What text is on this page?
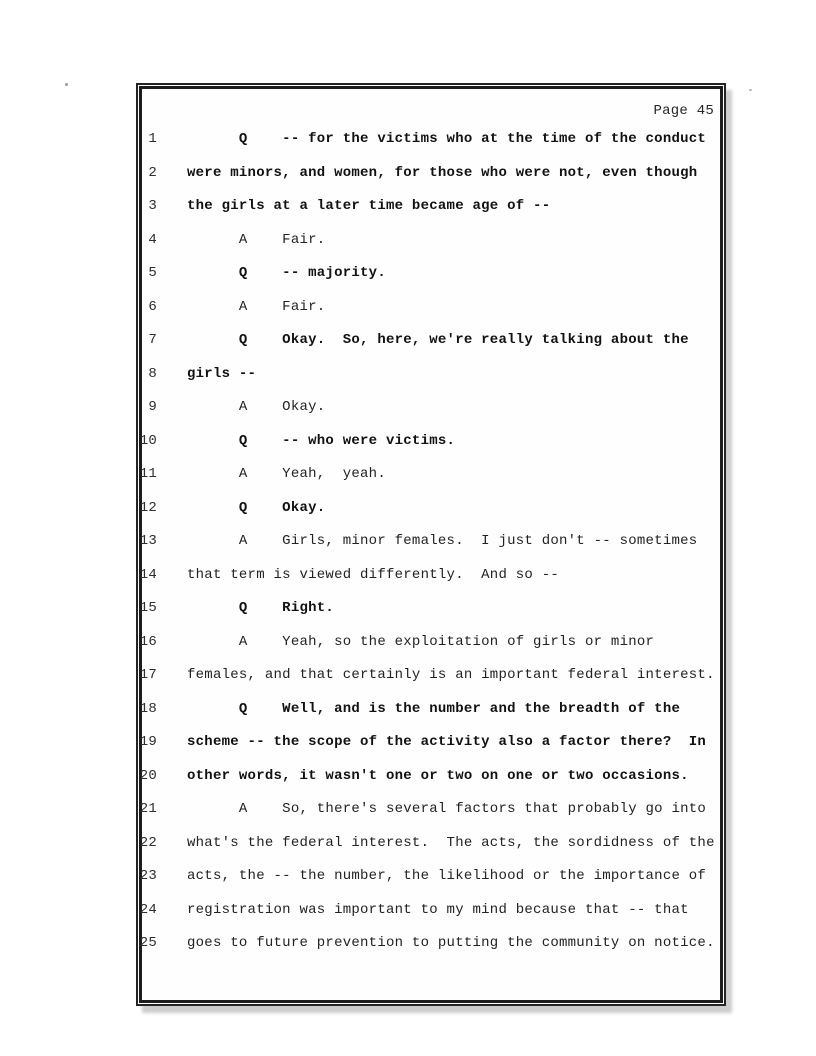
Page 45
1	Q    -- for the victims who at the time of the conduct
2	were minors, and women, for those who were not, even though
3	the girls at a later time became age of --
4	A    Fair.
5	Q    -- majority.
6	A    Fair.
7	Q    Okay.  So, here, we're really talking about the
8	girls --
9	A    Okay.
10	Q    -- who were victims.
11	A    Yeah,  yeah.
12	Q    Okay.
13	A    Girls, minor females.  I just don't -- sometimes
14	that term is viewed differently.  And so --
15	Q    Right.
16	A    Yeah, so the exploitation of girls or minor
17	females, and that certainly is an important federal interest.
18	Q    Well, and is the number and the breadth of the
19	scheme -- the scope of the activity also a factor there?  In
20	other words, it wasn't one or two on one or two occasions.
21	A    So, there's several factors that probably go into
22	what's the federal interest.  The acts, the sordidness of the
23	acts, the -- the number, the likelihood or the importance of
24	registration was important to my mind because that -- that
25	goes to future prevention to putting the community on notice.
